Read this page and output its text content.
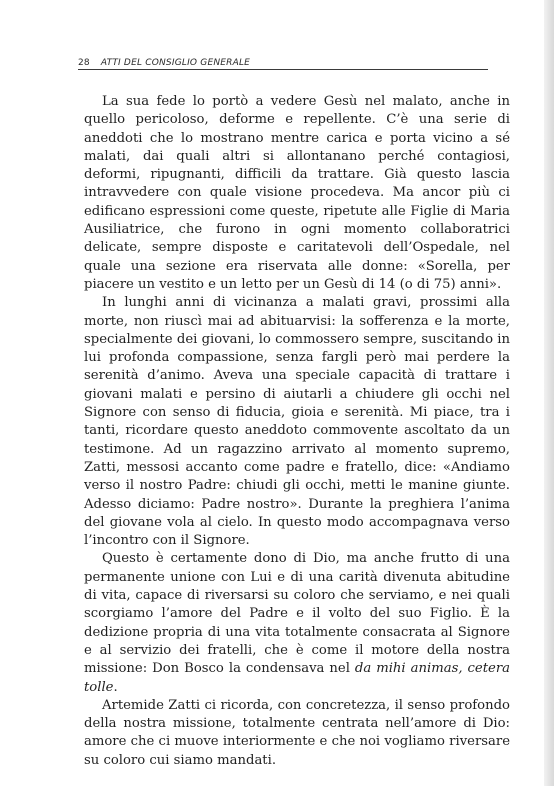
28 ATTI DEL CONSIGLIO GENERALE

La sua fede lo portò a vedere Gesù nel malato, anche in quello pericoloso, deforme e repellente. C’è una serie di aneddoti che lo mostrano mentre carica e porta vicino a sé malati, dai quali altri si allontanano perché contagiosi, deformi, ripugnanti, difficili da trattare. Già questo lascia intravvedere con quale visione procedeva. Ma ancor più ci edificano espressioni come queste, ripetute alle Figlie di Maria Ausiliatrice, che furono in ogni momento collaboratrici delicate, sempre disposte e caritatevoli dell’Ospedale, nel quale una sezione era riservata alle donne: «Sorella, per piacere un vestito e un letto per un Gesù di 14 (o di 75) anni».

In lunghi anni di vicinanza a malati gravi, prossimi alla morte, non riuscì mai ad abituarvisi: la sofferenza e la morte, specialmente dei giovani, lo commossero sempre, suscitando in lui profonda compassione, senza fargli però mai perdere la serenità d’animo. Aveva una speciale capacità di trattare i giovani malati e persino di aiutarli a chiudere gli occhi nel Signore con senso di fiducia, gioia e serenità. Mi piace, tra i tanti, ricordare questo aneddoto commovente ascoltato da un testimone. Ad un ragazzino arrivato al momento supremo, Zatti, messosi accanto come padre e fratello, dice: «Andiamo verso il nostro Padre: chiudi gli occhi, metti le manine giunte. Adesso diciamo: Padre nostro». Durante la preghiera l’anima del giovane vola al cielo. In questo modo accompagnava verso l’incontro con il Signore.

Questo è certamente dono di Dio, ma anche frutto di una permanente unione con Lui e di una carità divenuta abitudine di vita, capace di riversarsi su coloro che serviamo, e nei quali scorgiamo l’amore del Padre e il volto del suo Figlio. È la dedizione propria di una vita totalmente consacrata al Signore e al servizio dei fratelli, che è come il motore della nostra missione: Don Bosco la condensava nel da mihi animas, cetera tolle.

Artemide Zatti ci ricorda, con concretezza, il senso profondo della nostra missione, totalmente centrata nell’amore di Dio: amore che ci muove interiormente e che noi vogliamo riversare su coloro cui siamo mandati.
